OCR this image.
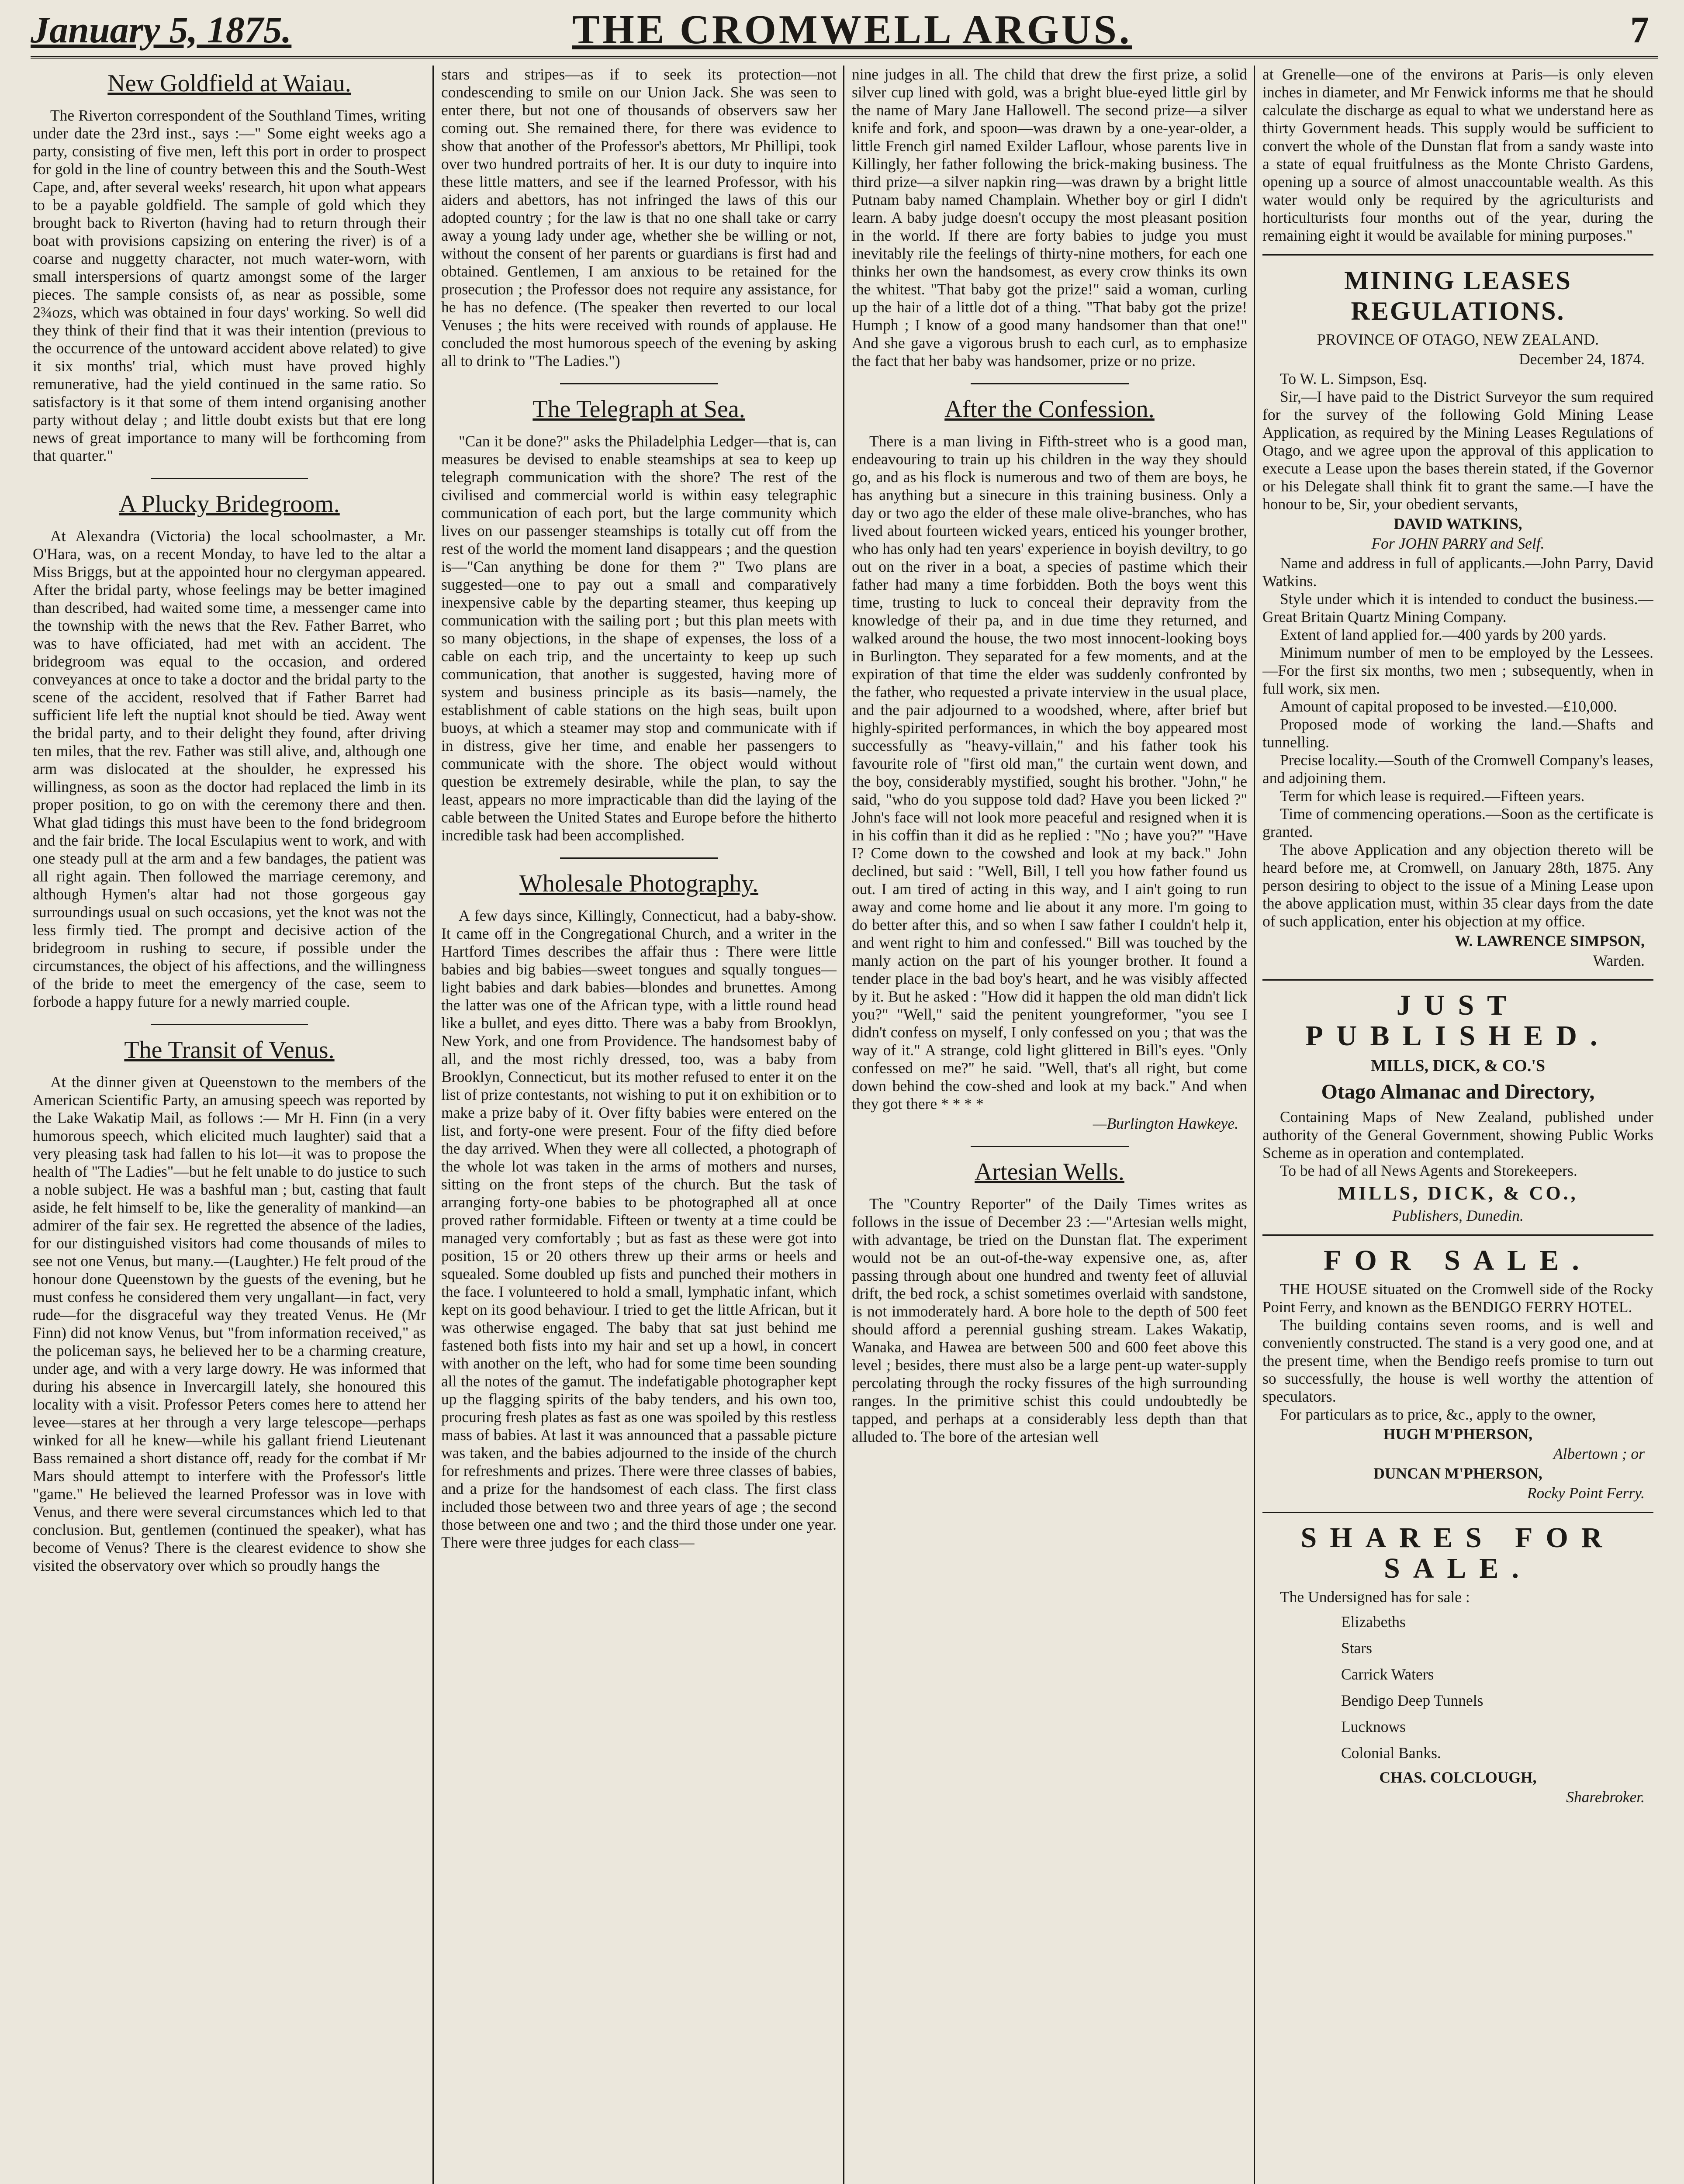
January 5, 1875.	THE CROMWELL ARGUS.	7
New Goldfield at Waiau.

The Riverton correspondent of the Southland Times, writing under date the 23rd inst., says :—" Some eight weeks ago a party, consisting of five men, left this port in order to prospect for gold in the line of country between this and the South-West Cape, and, after several weeks' research, hit upon what appears to be a payable goldfield. The sample of gold which they brought back to Riverton (having had to return through their boat with provisions capsizing on entering the river) is of a coarse and nuggetty character, not much water-worn, with small interspersions of quartz amongst some of the larger pieces. The sample consists of, as near as possible, some 2¾ozs, which was obtained in four days' working. So well did they think of their find that it was their intention (previous to the occurrence of the untoward accident above related) to give it six months' trial, which must have proved highly remunerative, had the yield continued in the same ratio. So satisfactory is it that some of them intend organising another party without delay ; and little doubt exists but that ere long news of great importance to many will be forthcoming from that quarter."

A Plucky Bridegroom.

At Alexandra (Victoria) the local schoolmaster, a Mr. O'Hara, was, on a recent Monday, to have led to the altar a Miss Briggs, but at the appointed hour no clergyman appeared. After the bridal party, whose feelings may be better imagined than described, had waited some time, a messenger came into the township with the news that the Rev. Father Barret, who was to have officiated, had met with an accident. The bridegroom was equal to the occasion, and ordered conveyances at once to take a doctor and the bridal party to the scene of the accident, resolved that if Father Barret had sufficient life left the nuptial knot should be tied. Away went the bridal party, and to their delight they found, after driving ten miles, that the rev. Father was still alive, and, although one arm was dislocated at the shoulder, he expressed his willingness, as soon as the doctor had replaced the limb in its proper position, to go on with the ceremony there and then. What glad tidings this must have been to the fond bridegroom and the fair bride. The local Esculapius went to work, and with one steady pull at the arm and a few bandages, the patient was all right again. Then followed the marriage ceremony, and although Hymen's altar had not those gorgeous gay surroundings usual on such occasions, yet the knot was not the less firmly tied. The prompt and decisive action of the bridegroom in rushing to secure, if possible under the circumstances, the object of his affections, and the willingness of the bride to meet the emergency of the case, seem to forbode a happy future for a newly married couple.

The Transit of Venus.

At the dinner given at Queenstown to the members of the American Scientific Party, an amusing speech was reported by the Lake Wakatip Mail, as follows :— Mr H. Finn (in a very humorous speech, which elicited much laughter) said that a very pleasing task had fallen to his lot—it was to propose the health of "The Ladies"—but he felt unable to do justice to such a noble subject. He was a bashful man ; but, casting that fault aside, he felt himself to be, like the generality of mankind—an admirer of the fair sex. He regretted the absence of the ladies, for our distinguished visitors had come thousands of miles to see not one Venus, but many.—(Laughter.) He felt proud of the honour done Queenstown by the guests of the evening, but he must confess he considered them very ungallant—in fact, very rude—for the disgraceful way they treated Venus. He (Mr Finn) did not know Venus, but "from information received," as the policeman says, he believed her to be a charming creature, under age, and with a very large dowry. He was informed that during his absence in Invercargill lately, she honoured this locality with a visit. Professor Peters comes here to attend her levee—stares at her through a very large telescope—perhaps winked for all he knew—while his gallant friend Lieutenant Bass remained a short distance off, ready for the combat if Mr Mars should attempt to interfere with the Professor's little "game." He believed the learned Professor was in love with Venus, and there were several circumstances which led to that conclusion. But, gentlemen (continued the speaker), what has become of Venus? There is the clearest evidence to show she visited the observatory over which so proudly hangs the

stars and stripes—as if to seek its protection—not condescending to smile on our Union Jack. She was seen to enter there, but not one of thousands of observers saw her coming out. She remained there, for there was evidence to show that another of the Professor's abettors, Mr Phillipi, took over two hundred portraits of her. It is our duty to inquire into these little matters, and see if the learned Professor, with his aiders and abettors, has not infringed the laws of this our adopted country ; for the law is that no one shall take or carry away a young lady under age, whether she be willing or not, without the consent of her parents or guardians is first had and obtained. Gentlemen, I am anxious to be retained for the prosecution ; the Professor does not require any assistance, for he has no defence. (The speaker then reverted to our local Venuses ; the hits were received with rounds of applause. He concluded the most humorous speech of the evening by asking all to drink to "The Ladies.")

The Telegraph at Sea.

"Can it be done?" asks the Philadelphia Ledger—that is, can measures be devised to enable steamships at sea to keep up telegraph communication with the shore? The rest of the civilised and commercial world is within easy telegraphic communication of each port, but the large community which lives on our passenger steamships is totally cut off from the rest of the world the moment land disappears ; and the question is—"Can anything be done for them ?" Two plans are suggested—one to pay out a small and comparatively inexpensive cable by the departing steamer, thus keeping up communication with the sailing port ; but this plan meets with so many objections, in the shape of expenses, the loss of a cable on each trip, and the uncertainty to keep up such communication, that another is suggested, having more of system and business principle as its basis—namely, the establishment of cable stations on the high seas, built upon buoys, at which a steamer may stop and communicate with if in distress, give her time, and enable her passengers to communicate with the shore. The object would without question be extremely desirable, while the plan, to say the least, appears no more impracticable than did the laying of the cable between the United States and Europe before the hitherto incredible task had been accomplished.

Wholesale Photography.

A few days since, Killingly, Connecticut, had a baby-show. It came off in the Congregational Church, and a writer in the Hartford Times describes the affair thus : There were little babies and big babies—sweet tongues and squally tongues—light babies and dark babies—blondes and brunettes. Among the latter was one of the African type, with a little round head like a bullet, and eyes ditto. There was a baby from Brooklyn, New York, and one from Providence. The handsomest baby of all, and the most richly dressed, too, was a baby from Brooklyn, Connecticut, but its mother refused to enter it on the list of prize contestants, not wishing to put it on exhibition or to make a prize baby of it. Over fifty babies were entered on the list, and forty-one were present. Four of the fifty died before the day arrived. When they were all collected, a photograph of the whole lot was taken in the arms of mothers and nurses, sitting on the front steps of the church. But the task of arranging forty-one babies to be photographed all at once proved rather formidable. Fifteen or twenty at a time could be managed very comfortably ; but as fast as these were got into position, 15 or 20 others threw up their arms or heels and squealed. Some doubled up fists and punched their mothers in the face. I volunteered to hold a small, lymphatic infant, which kept on its good behaviour. I tried to get the little African, but it was otherwise engaged. The baby that sat just behind me fastened both fists into my hair and set up a howl, in concert with another on the left, who had for some time been sounding all the notes of the gamut. The indefatigable photographer kept up the flagging spirits of the baby tenders, and his own too, procuring fresh plates as fast as one was spoiled by this restless mass of babies. At last it was announced that a passable picture was taken, and the babies adjourned to the inside of the church for refreshments and prizes. There were three classes of babies, and a prize for the handsomest of each class. The first class included those between two and three years of age ; the second those between one and two ; and the third those under one year. There were three judges for each class—

nine judges in all. The child that drew the first prize, a solid silver cup lined with gold, was a bright blue-eyed little girl by the name of Mary Jane Hallowell. The second prize—a silver knife and fork, and spoon—was drawn by a one-year-older, a little French girl named Exilder Laflour, whose parents live in Killingly, her father following the brick-making business. The third prize—a silver napkin ring—was drawn by a bright little Putnam baby named Champlain. Whether boy or girl I didn't learn. A baby judge doesn't occupy the most pleasant position in the world. If there are forty babies to judge you must inevitably rile the feelings of thirty-nine mothers, for each one thinks her own the handsomest, as every crow thinks its own the whitest. "That baby got the prize!" said a woman, curling up the hair of a little dot of a thing. "That baby got the prize! Humph ; I know of a good many handsomer than that one!" And she gave a vigorous brush to each curl, as to emphasize the fact that her baby was handsomer, prize or no prize.

After the Confession.

There is a man living in Fifth-street who is a good man, endeavouring to train up his children in the way they should go, and as his flock is numerous and two of them are boys, he has anything but a sinecure in this training business. Only a day or two ago the elder of these male olive-branches, who has lived about fourteen wicked years, enticed his younger brother, who has only had ten years' experience in boyish deviltry, to go out on the river in a boat, a species of pastime which their father had many a time forbidden. Both the boys went this time, trusting to luck to conceal their depravity from the knowledge of their pa, and in due time they returned, and walked around the house, the two most innocent-looking boys in Burlington. They separated for a few moments, and at the expiration of that time the elder was suddenly confronted by the father, who requested a private interview in the usual place, and the pair adjourned to a woodshed, where, after brief but highly-spirited performances, in which the boy appeared most successfully as "heavy-villain," and his father took his favourite role of "first old man," the curtain went down, and the boy, considerably mystified, sought his brother. "John," he said, "who do you suppose told dad? Have you been licked ?" John's face will not look more peaceful and resigned when it is in his coffin than it did as he replied : "No ; have you?" "Have I? Come down to the cowshed and look at my back." John declined, but said : "Well, Bill, I tell you how father found us out. I am tired of acting in this way, and I ain't going to run away and come home and lie about it any more. I'm going to do better after this, and so when I saw father I couldn't help it, and went right to him and confessed." Bill was touched by the manly action on the part of his younger brother. It found a tender place in the bad boy's heart, and he was visibly affected by it. But he asked : "How did it happen the old man didn't lick you?" "Well," said the penitent youngreformer, "you see I didn't confess on myself, I only confessed on you ; that was the way of it." A strange, cold light glittered in Bill's eyes. "Only confessed on me?" he said. "Well, that's all right, but come down behind the cow-shed and look at my back." And when they got there * * * *

—Burlington Hawkeye.
Artesian Wells.

The "Country Reporter" of the Daily Times writes as follows in the issue of December 23 :—"Artesian wells might, with advantage, be tried on the Dunstan flat. The experiment would not be an out-of-the-way expensive one, as, after passing through about one hundred and twenty feet of alluvial drift, the bed rock, a schist sometimes overlaid with sandstone, is not immoderately hard. A bore hole to the depth of 500 feet should afford a perennial gushing stream. Lakes Wakatip, Wanaka, and Hawea are between 500 and 600 feet above this level ; besides, there must also be a large pent-up water-supply percolating through the rocky fissures of the high surrounding ranges. In the primitive schist this could undoubtedly be tapped, and perhaps at a considerably less depth than that alluded to. The bore of the artesian well

at Grenelle—one of the environs at Paris—is only eleven inches in diameter, and Mr Fenwick informs me that he should calculate the discharge as equal to what we understand here as thirty Government heads. This supply would be sufficient to convert the whole of the Dunstan flat from a sandy waste into a state of equal fruitfulness as the Monte Christo Gardens, opening up a source of almost unaccountable wealth. As this water would only be required by the agriculturists and horticulturists four months out of the year, during the remaining eight it would be available for mining purposes."

MINING LEASES REGULATIONS.
PROVINCE OF OTAGO, NEW ZEALAND.
December 24, 1874.

To W. L. Simpson, Esq.

Sir,—I have paid to the District Surveyor the sum required for the survey of the following Gold Mining Lease Application, as required by the Mining Leases Regulations of Otago, and we agree upon the approval of this application to execute a Lease upon the bases therein stated, if the Governor or his Delegate shall think fit to grant the same.—I have the honour to be, Sir, your obedient servants,

DAVID WATKINS,
For JOHN PARRY and Self.

Name and address in full of applicants.—John Parry, David Watkins.

Style under which it is intended to conduct the business.—Great Britain Quartz Mining Company.

Extent of land applied for.—400 yards by 200 yards.

Minimum number of men to be employed by the Lessees.—For the first six months, two men ; subsequently, when in full work, six men.

Amount of capital proposed to be invested.—£10,000.

Proposed mode of working the land.—Shafts and tunnelling.

Precise locality.—South of the Cromwell Company's leases, and adjoining them.

Term for which lease is required.—Fifteen years.

Time of commencing operations.—Soon as the certificate is granted.

The above Application and any objection thereto will be heard before me, at Cromwell, on January 28th, 1875. Any person desiring to object to the issue of a Mining Lease upon the above application must, within 35 clear days from the date of such application, enter his objection at my office.

W. LAWRENCE SIMPSON,
Warden.
JUST PUBLISHED.
MILLS, DICK, & CO.'S
Otago Almanac and Directory,

Containing Maps of New Zealand, published under authority of the General Government, showing Public Works Scheme as in operation and contemplated.

To be had of all News Agents and Storekeepers.

MILLS, DICK, & CO.,
Publishers, Dunedin.
FOR SALE.

THE HOUSE situated on the Cromwell side of the Rocky Point Ferry, and known as the BENDIGO FERRY HOTEL.

The building contains seven rooms, and is well and conveniently constructed. The stand is a very good one, and at the present time, when the Bendigo reefs promise to turn out so successfully, the house is well worthy the attention of speculators.

For particulars as to price, &c., apply to the owner,

HUGH M'PHERSON,
Albertown ; or
DUNCAN M'PHERSON,
Rocky Point Ferry.
SHARES FOR SALE.

The Undersigned has for sale :

Elizabeths
Stars
Carrick Waters
Bendigo Deep Tunnels
Lucknows
Colonial Banks.
CHAS. COLCLOUGH,
Sharebroker.
